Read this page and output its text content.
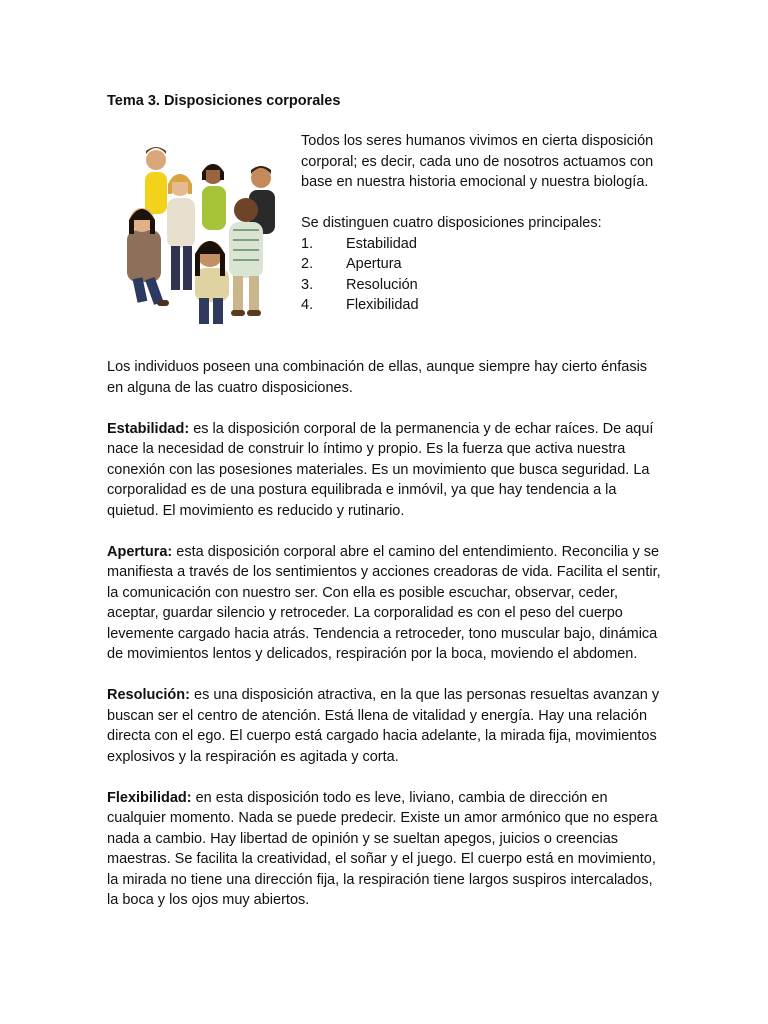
Tema 3. Disposiciones corporales

Todos los seres humanos vivimos en cierta disposición corporal; es decir, cada uno de nosotros actuamos con base en nuestra historia emocional y nuestra biología.

Se distinguen cuatro disposiciones principales:

1.	Estabilidad
2.	Apertura
3.	Resolución
4.	Flexibilidad

Los individuos poseen una combinación de ellas, aunque siempre hay cierto énfasis en alguna de las cuatro disposiciones.

Estabilidad: es la disposición corporal de la permanencia y de echar raíces. De aquí nace la necesidad de construir lo íntimo y propio. Es la fuerza que activa nuestra conexión con las posesiones materiales. Es un movimiento que busca seguridad. La corporalidad es de una postura equilibrada e inmóvil, ya que hay tendencia a la quietud. El movimiento es reducido y rutinario.

Apertura: esta disposición corporal abre el camino del entendimiento. Reconcilia y se manifiesta a través de los sentimientos y acciones creadoras de vida. Facilita el sentir, la comunicación con nuestro ser. Con ella es posible escuchar, observar, ceder, aceptar, guardar silencio y retroceder. La corporalidad es con el peso del cuerpo levemente cargado hacia atrás. Tendencia a retroceder, tono muscular bajo, dinámica de movimientos lentos y delicados, respiración por la boca, moviendo el abdomen.

Resolución: es una disposición atractiva, en la que las personas resueltas avanzan y buscan ser el centro de atención. Está llena de vitalidad y energía. Hay una relación directa con el ego. El cuerpo está cargado hacia adelante, la mirada fija, movimientos explosivos y la respiración es agitada y corta.

Flexibilidad: en esta disposición todo es leve, liviano, cambia de dirección en cualquier momento. Nada se puede predecir. Existe un amor armónico que no espera nada a cambio. Hay libertad de opinión y se sueltan apegos, juicios o creencias maestras. Se facilita la creatividad, el soñar y el juego. El cuerpo está en movimiento, la mirada no tiene una dirección fija, la respiración tiene largos suspiros intercalados, la boca y los ojos muy abiertos.
